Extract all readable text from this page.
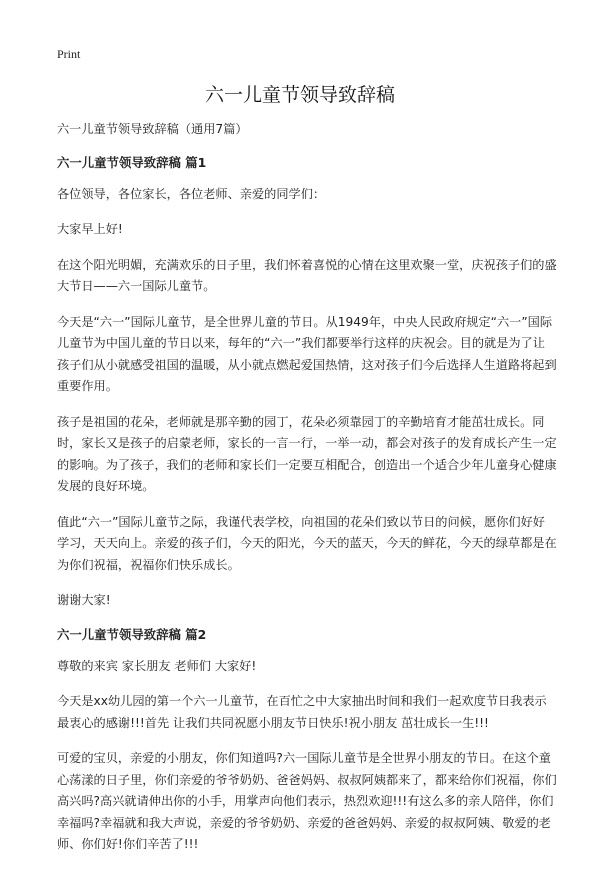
Print
六一儿童节领导致辞稿

六一儿童节领导致辞稿（通用7篇）

六一儿童节领导致辞稿 篇1

各位领导，各位家长，各位老师、亲爱的同学们：

大家早上好!

在这个阳光明媚，充满欢乐的日子里，我们怀着喜悦的心情在这里欢聚一堂，庆祝孩子们的盛大节日——六一国际儿童节。

今天是“六一”国际儿童节，是全世界儿童的节日。从1949年，中央人民政府规定“六一”国际儿童节为中国儿童的节日以来，每年的“六一”我们都要举行这样的庆祝会。目的就是为了让孩子们从小就感受祖国的温暖，从小就点燃起爱国热情，这对孩子们今后选择人生道路将起到重要作用。

孩子是祖国的花朵，老师就是那辛勤的园丁，花朵必须靠园丁的辛勤培育才能茁壮成长。同时，家长又是孩子的启蒙老师，家长的一言一行，一举一动，都会对孩子的发育成长产生一定的影响。为了孩子，我们的老师和家长们一定要互相配合，创造出一个适合少年儿童身心健康发展的良好环境。

值此“六一”国际儿童节之际，我谨代表学校，向祖国的花朵们致以节日的问候，愿你们好好学习，天天向上。亲爱的孩子们，今天的阳光，今天的蓝天，今天的鲜花，今天的绿草都是在为你们祝福，祝福你们快乐成长。

谢谢大家!

六一儿童节领导致辞稿 篇2

尊敬的来宾 家长朋友 老师们 大家好!

今天是xx幼儿园的第一个六一儿童节，在百忙之中大家抽出时间和我们一起欢度节日我表示最衷心的感谢!!!首先 让我们共同祝愿小朋友节日快乐!祝小朋友 茁壮成长一生!!!

可爱的宝贝，亲爱的小朋友，你们知道吗?六一国际儿童节是全世界小朋友的节日。在这个童心荡漾的日子里，你们亲爱的爷爷奶奶、爸爸妈妈、叔叔阿姨都来了，都来给你们祝福，你们高兴吗?高兴就请伸出你的小手，用掌声向他们表示，热烈欢迎!!!有这么多的亲人陪伴，你们幸福吗?幸福就和我大声说，亲爱的爷爷奶奶、亲爱的爸爸妈妈、亲爱的叔叔阿姨、敬爱的老师、你们好!你们辛苦了!!!
